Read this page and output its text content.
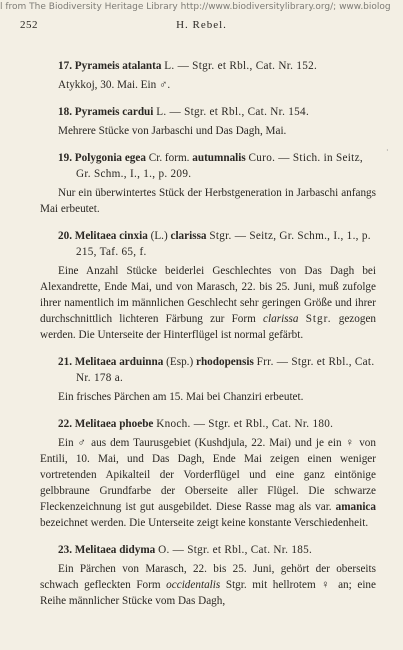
l from The Biodiversity Heritage Library http://www.biodiversitylibrary.org/; www.biolog
252	H. Rebel.
·
17. Pyrameis atalanta L. — Stgr. et Rbl., Cat. Nr. 152.
Atykkoj, 30. Mai. Ein ♂.
18. Pyrameis cardui L. — Stgr. et Rbl., Cat. Nr. 154.
Mehrere Stücke von Jarbaschi und Das Dagh, Mai.
19. Polygonia egea Cr. form. autumnalis Curo. — Stich. in Seitz, Gr. Schm., I., 1., p. 209.
Nur ein überwintertes Stück der Herbstgeneration in Jarbaschi anfangs Mai erbeutet.
20. Melitaea cinxia (L.) clarissa Stgr. — Seitz, Gr. Schm., I., 1., p. 215, Taf. 65, f.
Eine Anzahl Stücke beiderlei Geschlechtes von Das Dagh bei Alexandrette, Ende Mai, und von Marasch, 22. bis 25. Juni, muß zufolge ihrer namentlich im männlichen Geschlecht sehr geringen Größe und ihrer durchschnittlich lichteren Färbung zur Form clarissa Stgr. gezogen werden. Die Unterseite der Hinterflügel ist normal gefärbt.
21. Melitaea arduinna (Esp.) rhodopensis Frr. — Stgr. et Rbl., Cat. Nr. 178 a.
Ein frisches Pärchen am 15. Mai bei Chanziri erbeutet.
22. Melitaea phoebe Knoch. — Stgr. et Rbl., Cat. Nr. 180.
Ein ♂ aus dem Taurusgebiet (Kushdjula, 22. Mai) und je ein ♀ von Entili, 10. Mai, und Das Dagh, Ende Mai zeigen einen weniger vortretenden Apikalteil der Vorderflügel und eine ganz eintönige gelbbraune Grundfarbe der Oberseite aller Flügel. Die schwarze Fleckenzeichnung ist gut ausgebildet. Diese Rasse mag als var. amanica bezeichnet werden. Die Unterseite zeigt keine konstante Verschiedenheit.
23. Melitaea didyma O. — Stgr. et Rbl., Cat. Nr. 185.
Ein Pärchen von Marasch, 22. bis 25. Juni, gehört der oberseits schwach gefleckten Form occidentalis Stgr. mit hellrotem ♀ an; eine Reihe männlicher Stücke vom Das Dagh,
